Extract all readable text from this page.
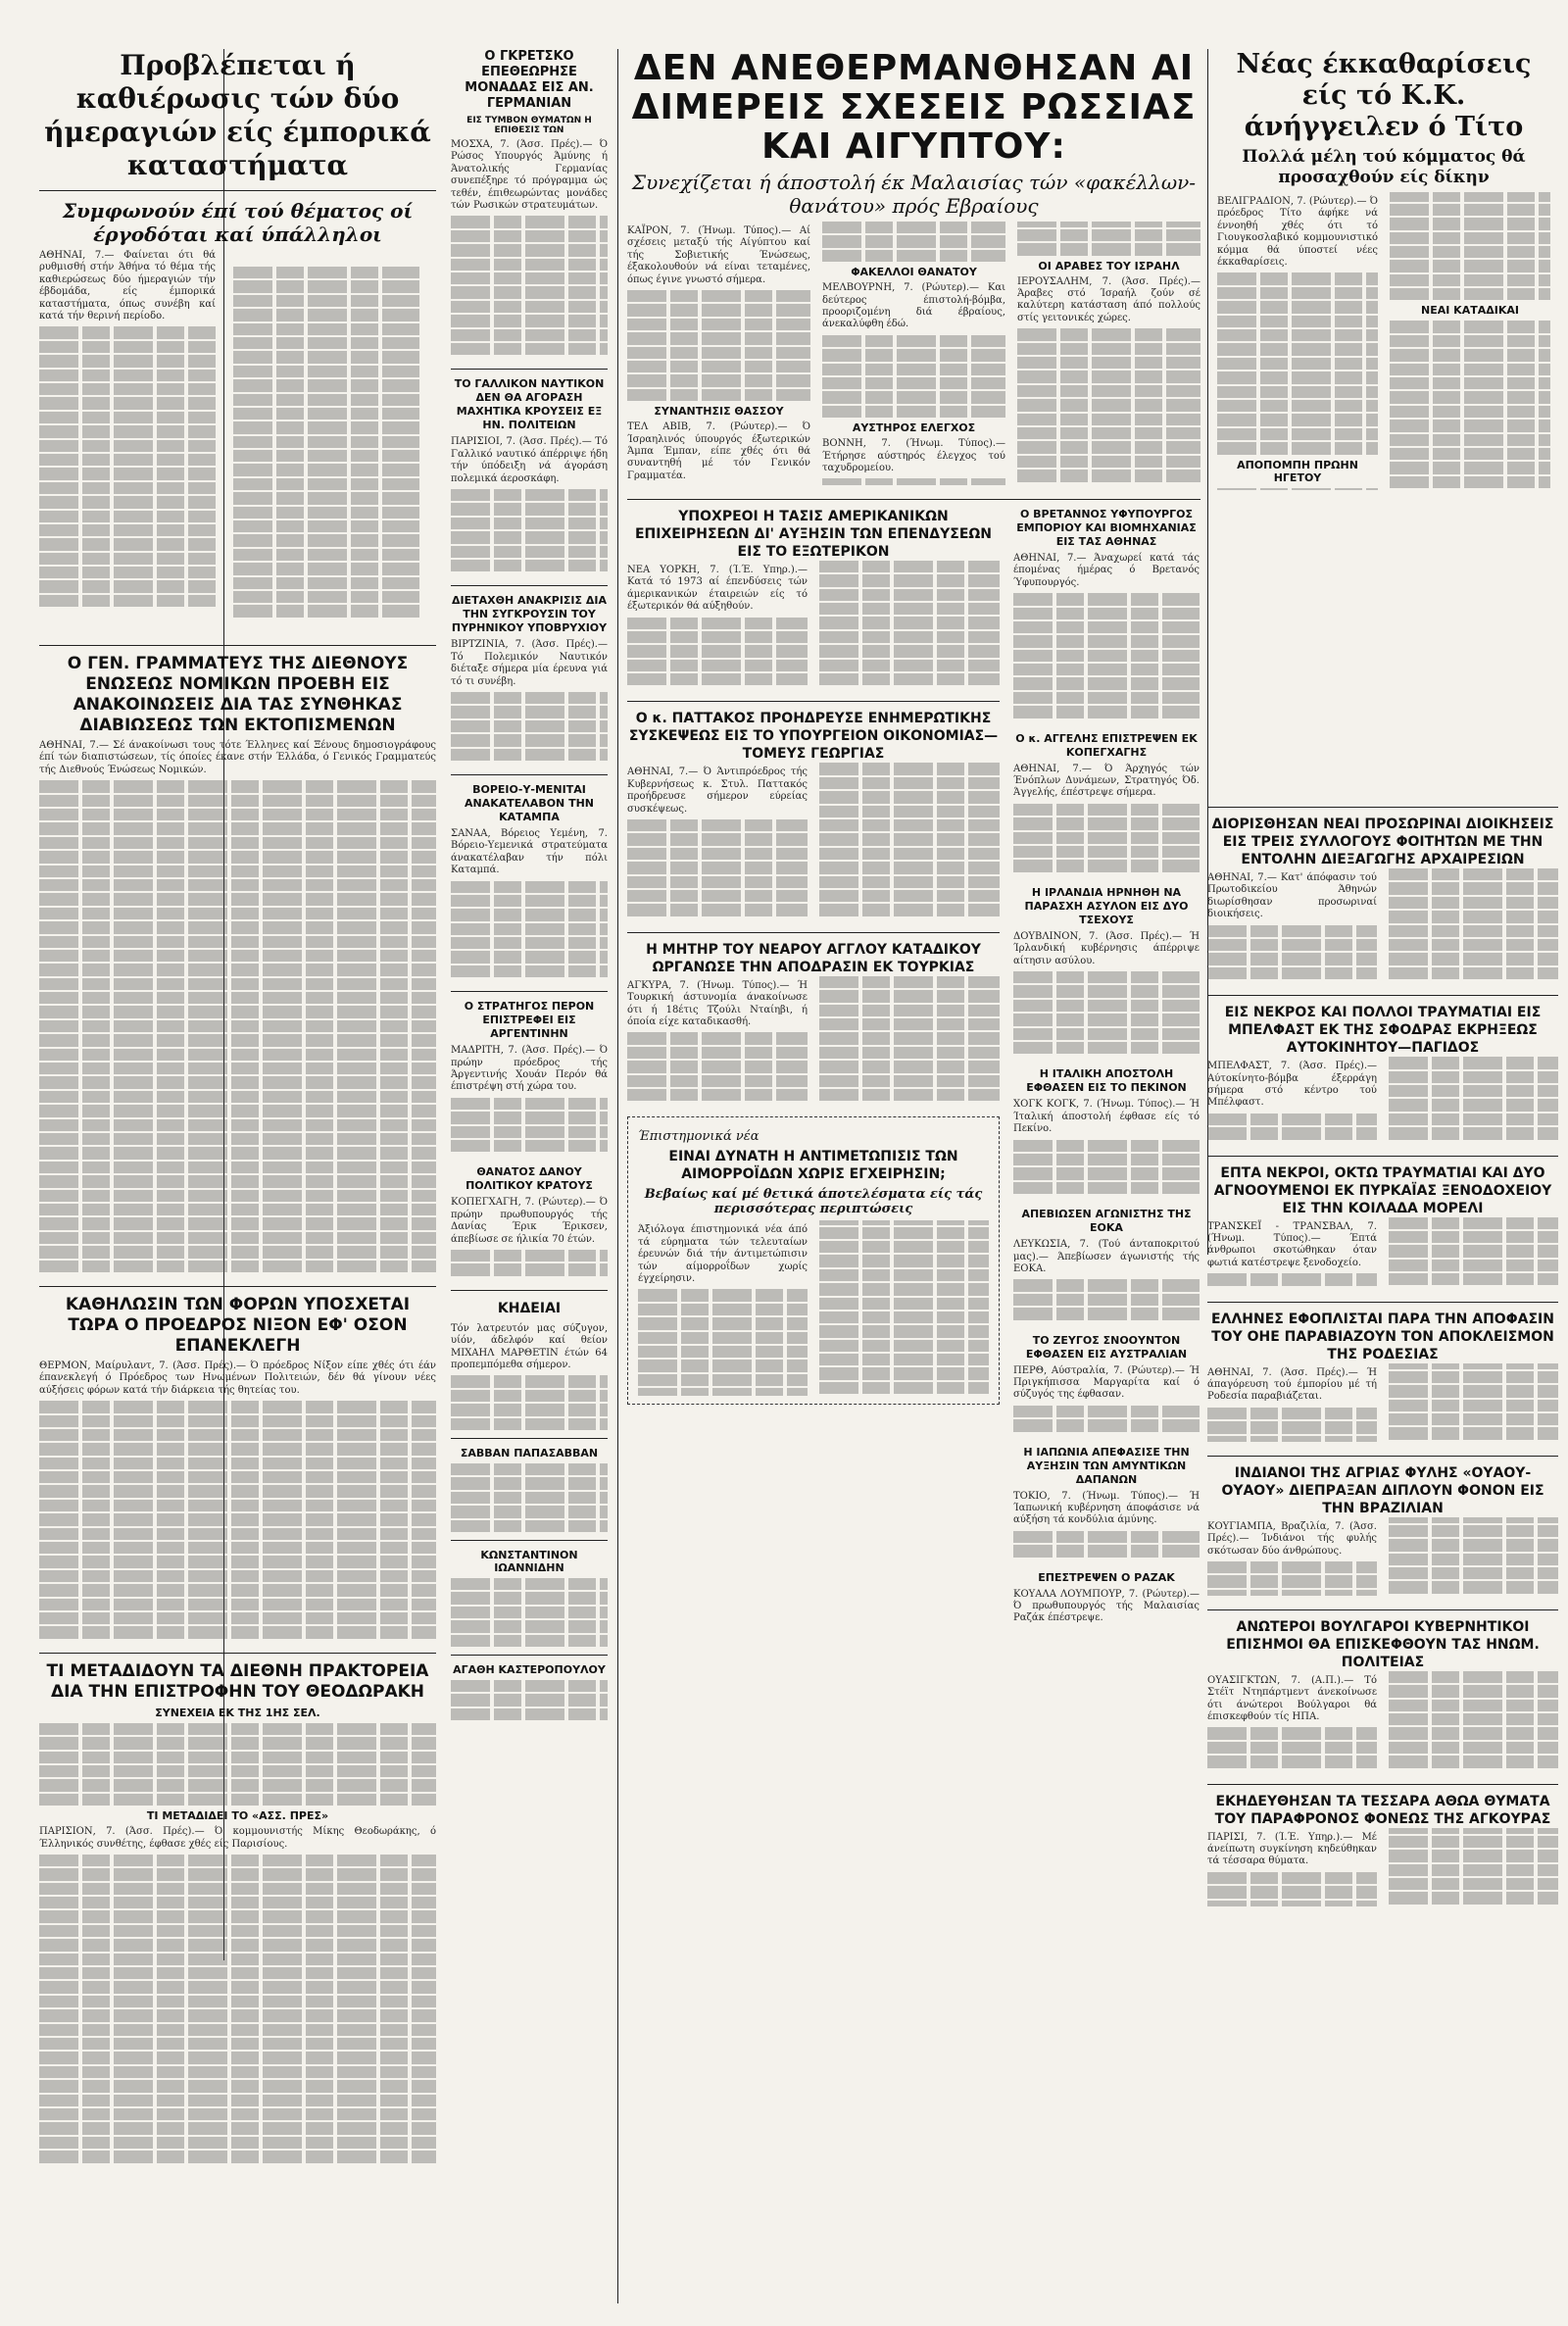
Προβλέπεται ή καθιέρωσις τών δύο ήμεραγιών είς έμπορικά καταστήματα
Συμφωνούν έπί τού θέματος οί έργοδόται καί ύπάλληλοι
ΑΘΗΝΑΙ, 7.— Φαίνεται ότι θά ρυθμισθή στήν Άθήνα τό θέμα τής καθιερώσεως δύο ήμεραγιών τήν έβδομάδα, είς έμπορικά καταστήματα, όπως συνέβη καί κατά τήν θερινή περίοδο.
Ο ΓΕΝ. ΓΡΑΜΜΑΤΕΥΣ ΤΗΣ ΔΙΕΘΝΟΥΣ ΕΝΩΣΕΩΣ ΝΟΜΙΚΩΝ ΠΡΟΕΒΗ ΕΙΣ ΑΝΑΚΟΙΝΩΣΕΙΣ ΔΙΑ ΤΑΣ ΣΥΝΘΗΚΑΣ ΔΙΑΒΙΩΣΕΩΣ ΤΩΝ ΕΚΤΟΠΙΣΜΕΝΩΝ
ΑΘΗΝΑΙ, 7.— Σέ άνακοίνωσι τους τότε Έλληνες καί Ξένους δημοσιογράφους έπί τών διαπιστώσεων, τίς όποίες έκανε στήν Έλλάδα, ό Γενικός Γραμματεύς τής Διεθνούς Ένώσεως Νομικών.
ΚΑΘΗΛΩΣΙΝ ΤΩΝ ΦΟΡΩΝ ΥΠΟΣΧΕΤΑΙ ΤΩΡΑ Ο ΠΡΟΕΔΡΟΣ ΝΙΞΟΝ ΕΦ' ΟΣΟΝ ΕΠΑΝΕΚΛΕΓΗ
ΘΕΡΜΟΝ, Μαίρυλαντ, 7. (Άσσ. Πρές).— Ό πρόεδρος Νίξον είπε χθές ότι έάν έπανεκλεγή ό Πρόεδρος των Ηνωμένων Πολιτειών, δέν θά γίνουν νέες αύξήσεις φόρων κατά τήν διάρκεια τής θητείας του.
ΤΙ ΜΕΤΑΔΙΔΟΥΝ ΤΑ ΔΙΕΘΝΗ ΠΡΑΚΤΟΡΕΙΑ ΔΙΑ ΤΗΝ ΕΠΙΣΤΡΟΦΗΝ ΤΟΥ ΘΕΟΔΩΡΑΚΗ
ΣΥΝΕΧΕΙΑ ΕΚ ΤΗΣ 1ΗΣ ΣΕΛ.
ΤΙ ΜΕΤΑΔΙΔΕΙ ΤΟ «ΑΣΣ. ΠΡΕΣ»
ΠΑΡΙΣΙΟΝ, 7. (Άσσ. Πρές).— Ό κομμουνιστής Μίκης Θεοδωράκης, ό Έλληνικός συνθέτης, έφθασε χθές είς Παρισίους.
Ο ΓΚΡΕΤΣΚΟ ΕΠΕΘΕΩΡΗΣΕ ΜΟΝΑΔΑΣ ΕΙΣ ΑΝ. ΓΕΡΜΑΝΙΑΝ
ΕΙΣ ΤΥΜΒΟΝ ΘΥΜΑΤΩΝ Η ΕΠΙΘΕΣΙΣ ΤΩΝ
ΜΟΣΧΑ, 7. (Άσσ. Πρές).— Ό Ρώσος Υπουργός Άμύνης ή Άνατολικής Γερμανίας συνεπέξηρε τό πρόγραμμα ώς τεθέν, έπιθεωρώντας μονάδες τών Ρωσικών στρατευμάτων.
ΤΟ ΓΑΛΛΙΚΟΝ ΝΑΥΤΙΚΟΝ ΔΕΝ ΘΑ ΑΓΟΡΑΣΗ ΜΑΧΗΤΙΚΑ ΚΡΟΥΣΕΙΣ ΕΞ ΗΝ. ΠΟΛΙΤΕΙΩΝ
ΠΑΡΙΣΙΟΙ, 7. (Άσσ. Πρές).— Τό Γαλλικό ναυτικό άπέρριψε ήδη τήν ύπόδειξη νά άγοράση πολεμικά άεροσκάφη.
ΔΙΕΤΑΧΘΗ ΑΝΑΚΡΙΣΙΣ ΔΙΑ ΤΗΝ ΣΥΓΚΡΟΥΣΙΝ ΤΟΥ ΠΥΡΗΝΙΚΟΥ ΥΠΟΒΡΥΧΙΟΥ
ΒΙΡΤΖΙΝΙΑ, 7. (Άσσ. Πρές).— Τό Πολεμικόν Ναυτικόν διέταξε σήμερα μία έρευνα γιά τό τι συνέβη.
ΒΟΡΕΙΟ-Υ-ΜΕΝΙΤΑΙ ΑΝΑΚΑΤΕΛΑΒΟΝ ΤΗΝ ΚΑΤΑΜΠΑ
ΣΑΝΑΑ, Βόρειος Υεμένη, 7. Βόρειο-Υεμενικά στρατεύματα άνακατέλαβαν τήν πόλι Καταμπά.
Ο ΣΤΡΑΤΗΓΟΣ ΠΕΡΟΝ ΕΠΙΣΤΡΕΦΕΙ ΕΙΣ ΑΡΓΕΝΤΙΝΗΝ
ΜΑΔΡΙΤΗ, 7. (Άσσ. Πρές).— Ό πρώην πρόεδρος τής Άργεντινής Χουάν Περόν θά έπιστρέψη στή χώρα του.
ΘΑΝΑΤΟΣ ΔΑΝΟΥ ΠΟΛΙΤΙΚΟΥ ΚΡΑΤΟΥΣ
ΚΟΠΕΓΧΑΓΗ, 7. (Ρώυτερ).— Ό πρώην πρωθυπουργός τής Δανίας Έρικ Έρικσεν, άπεβίωσε σε ήλικία 70 έτών.
ΚΗΔΕΙΑΙ
Τόν λατρευτόν μας σύζυγον, υίόν, άδελφόν καί θείον ΜΙΧΑΗΛ ΜΑΡΘΕΤΙΝ έτών 64 προπεμπόμεθα σήμερον.
ΣΑΒΒΑΝ ΠΑΠΑΣΑΒΒΑΝ
ΚΩΝΣΤΑΝΤΙΝΟΝ ΙΩΑΝΝΙΔΗΝ
ΑΓΑΘΗ ΚΑΣΤΕΡΟΠΟΥΛΟΥ
ΔΕΝ ΑΝΕΘΕΡΜΑΝΘΗΣΑΝ ΑΙ ΔΙΜΕΡΕΙΣ ΣΧΕΣΕΙΣ ΡΩΣΣΙΑΣ ΚΑΙ ΑΙΓΥΠΤΟΥ:
Συνεχίζεται ή άποστολή έκ Μαλαισίας τών «φακέλλων-θανάτου» πρός Εβραίους
ΚΑΪΡΟΝ, 7. (Ήνωμ. Τύπος).— Αί σχέσεις μεταξύ τής Αίγύπτου καί τής Σοβιετικής Ένώσεως, έξακολουθούν νά είναι τεταμένες, όπως έγινε γνωστό σήμερα.
ΣΥΝΑΝΤΗΣΙΣ ΘΑΣΣΟΥ
ΤΕΛ ΑΒΙΒ, 7. (Ρώυτερ).— Ό Ίσραηλινός ύπουργός έξωτερικών Άμπα Έμπαν, είπε χθές ότι θά συναντηθή μέ τόν Γενικόν Γραμματέα.
ΦΑΚΕΛΛΟΙ ΘΑΝΑΤΟΥ
ΜΕΛΒΟΥΡΝΗ, 7. (Ρώυτερ).— Και δεύτερος έπιστολή-βόμβα, προοριζομένη διά έβραίους, άνεκαλύφθη έδώ.
ΑΥΣΤΗΡΟΣ ΕΛΕΓΧΟΣ
ΒΟΝΝΗ, 7. (Ήνωμ. Τύπος).— Έτήρησε αύστηρός έλεγχος τού ταχυδρομείου.
ΟΙ ΑΡΑΒΕΣ ΤΟΥ ΙΣΡΑΗΛ
ΙΕΡΟΥΣΑΛΗΜ, 7. (Άσσ. Πρές).— Άραβες στό Ίσραήλ ζούν σέ καλύτερη κατάσταση άπό πολλούς στίς γειτονικές χώρες.
ΥΠΟΧΡΕΟΙ Η ΤΑΣΙΣ ΑΜΕΡΙΚΑΝΙΚΩΝ ΕΠΙΧΕΙΡΗΣΕΩΝ ΔΙ' ΑΥΞΗΣΙΝ ΤΩΝ ΕΠΕΝΔΥΣΕΩΝ ΕΙΣ ΤΟ ΕΞΩΤΕΡΙΚΟΝ
ΝΕΑ ΥΟΡΚΗ, 7. (Ί.Έ. Υπηρ.).— Κατά τό 1973 αί έπενδύσεις τών άμερικανικών έταιρειών είς τό έξωτερικόν θά αύξηθούν.
Ο κ. ΠΑΤΤΑΚΟΣ ΠΡΟΗΔΡΕΥΣΕ ΕΝΗΜΕΡΩΤΙΚΗΣ ΣΥΣΚΕΨΕΩΣ ΕΙΣ ΤΟ ΥΠΟΥΡΓΕΙΟΝ ΟΙΚΟΝΟΜΙΑΣ—ΤΟΜΕΥΣ ΓΕΩΡΓΙΑΣ
ΑΘΗΝΑΙ, 7.— Ό Άντιπρόεδρος τής Κυβερνήσεως κ. Στυλ. Παττακός προήδρευσε σήμερον εύρείας συσκέψεως.
Η ΜΗΤΗΡ ΤΟΥ ΝΕΑΡΟΥ ΑΓΓΛΟΥ ΚΑΤΑΔΙΚΟΥ ΩΡΓΑΝΩΣΕ ΤΗΝ ΑΠΟΔΡΑΣΙΝ ΕΚ ΤΟΥΡΚΙΑΣ
ΑΓΚΥΡΑ, 7. (Ήνωμ. Τύπος).— Ή Τουρκική άστυνομία άνακοίνωσε ότι ή 18έτις Τζούλι Νταίηβι, ή όποία είχε καταδικασθή.
Έπιστημονικά νέα
ΕΙΝΑΙ ΔΥΝΑΤΗ Η ΑΝΤΙΜΕΤΩΠΙΣΙΣ ΤΩΝ ΑΙΜΟΡΡΟΪΔΩΝ ΧΩΡΙΣ ΕΓΧΕΙΡΗΣΙΝ;
Βεβαίως καί μέ θετικά άποτελέσματα είς τάς περισσότερας περιπτώσεις
Άξιόλογα έπιστημονικά νέα άπό τά εύρηματα τών τελευταίων έρευνών διά τήν άντιμετώπισιν τών αίμορροΐδων χωρίς έγχείρησιν.
Ο ΒΡΕΤΑΝΝΟΣ ΥΦΥΠΟΥΡΓΟΣ ΕΜΠΟΡΙΟΥ ΚΑΙ ΒΙΟΜΗΧΑΝΙΑΣ ΕΙΣ ΤΑΣ ΑΘΗΝΑΣ
ΑΘΗΝΑΙ, 7.— Άναχωρεί κατά τάς έπομένας ήμέρας ό Βρετανός Ύφυπουργός.
Ο κ. ΑΓΓΕΛΗΣ ΕΠΙΣΤΡΕΨΕΝ ΕΚ ΚΟΠΕΓΧΑΓΗΣ
ΑΘΗΝΑΙ, 7.— Ό Άρχηγός τών Ένόπλων Δυνάμεων, Στρατηγός Όδ. Άγγελής, έπέστρεψε σήμερα.
Η ΙΡΛΑΝΔΙΑ ΗΡΝΗΘΗ ΝΑ ΠΑΡΑΣΧΗ ΑΣΥΛΟΝ ΕΙΣ ΔΥΟ ΤΣΕΧΟΥΣ
ΔΟΥΒΛΙΝΟΝ, 7. (Άσσ. Πρές).— Ή Ίρλανδική κυβέρνησις άπέρριψε αίτησιν ασύλου.
Η ΙΤΑΛΙΚΗ ΑΠΟΣΤΟΛΗ ΕΦΘΑΣΕΝ ΕΙΣ ΤΟ ΠΕΚΙΝΟΝ
ΧΟΓΚ ΚΟΓΚ, 7. (Ήνωμ. Τύπος).— Ή Ίταλική άποστολή έφθασε είς τό Πεκίνο.
ΑΠΕΒΙΩΣΕΝ ΑΓΩΝΙΣΤΗΣ ΤΗΣ ΕΟΚΑ
ΛΕΥΚΩΣΙΑ, 7. (Τού άνταποκριτού μας).— Άπεβίωσεν άγωνιστής τής ΕΟΚΑ.
ΤΟ ΖΕΥΓΟΣ ΣΝΟΟΥΝΤΟΝ ΕΦΘΑΣΕΝ ΕΙΣ ΑΥΣΤΡΑΛΙΑΝ
ΠΕΡΘ, Αύστραλία, 7. (Ρώυτερ).— Ή Πριγκήπισσα Μαργαρίτα καί ό σύζυγός της έφθασαν.
Η ΙΑΠΩΝΙΑ ΑΠΕΦΑΣΙΣΕ ΤΗΝ ΑΥΞΗΣΙΝ ΤΩΝ ΑΜΥΝΤΙΚΩΝ ΔΑΠΑΝΩΝ
ΤΟΚΙΟ, 7. (Ήνωμ. Τύπος).— Ή Ίαπωνική κυβέρνηση άποφάσισε νά αύξήση τά κονδύλια άμύνης.
ΕΠΕΣΤΡΕΨΕΝ Ο ΡΑΖΑΚ
ΚΟΥΑΛΑ ΛΟΥΜΠΟΥΡ, 7. (Ρώυτερ).— Ό πρωθυπουργός τής Μαλαισίας Ραζάκ έπέστρεψε.
Νέας έκκαθαρίσεις είς τό Κ.Κ. άνήγγειλεν ό Τίτο
Πολλά μέλη τού κόμματος θά προσαχθούν είς δίκην
ΒΕΛΙΓΡΑΔΙΟΝ, 7. (Ρώυτερ).— Ό πρόεδρος Τίτο άφήκε νά έννοηθή χθές ότι τό Γιουγκοσλαβικό κομμουνιστικό κόμμα θά ύποστεί νέες έκκαθαρίσεις.
ΑΠΟΠΟΜΠΗ ΠΡΩΗΝ ΗΓΕΤΟΥ
ΝΕΑΙ ΚΑΤΑΔΙΚΑΙ
ΔΙΟΡΙΣΘΗΣΑΝ ΝΕΑΙ ΠΡΟΣΩΡΙΝΑΙ ΔΙΟΙΚΗΣΕΙΣ ΕΙΣ ΤΡΕΙΣ ΣΥΛΛΟΓΟΥΣ ΦΟΙΤΗΤΩΝ ΜΕ ΤΗΝ ΕΝΤΟΛΗΝ ΔΙΕΞΑΓΩΓΗΣ ΑΡΧΑΙΡΕΣΙΩΝ
ΑΘΗΝΑΙ, 7.— Κατ' άπόφασιν τού Πρωτοδικείου Άθηνών διωρίσθησαν προσωριναί διοικήσεις.
ΕΙΣ ΝΕΚΡΟΣ ΚΑΙ ΠΟΛΛΟΙ ΤΡΑΥΜΑΤΙΑΙ ΕΙΣ ΜΠΕΛΦΑΣΤ ΕΚ ΤΗΣ ΣΦΟΔΡΑΣ ΕΚΡΗΞΕΩΣ ΑΥΤΟΚΙΝΗΤΟΥ—ΠΑΓΙΔΟΣ
ΜΠΕΛΦΑΣΤ, 7. (Άσσ. Πρές).— Αύτοκίνητο-βόμβα έξερράγη σήμερα στό κέντρο τού Μπέλφαστ.
ΕΠΤΑ ΝΕΚΡΟΙ, ΟΚΤΩ ΤΡΑΥΜΑΤΙΑΙ ΚΑΙ ΔΥΟ ΑΓΝΟΟΥΜΕΝΟΙ ΕΚ ΠΥΡΚΑΪΑΣ ΞΕΝΟΔΟΧΕΙΟΥ ΕΙΣ ΤΗΝ ΚΟΙΛΑΔΑ ΜΟΡΕΛΙ
ΤΡΑΝΣΚΕΪ - ΤΡΑΝΣΒΑΛ, 7. (Ήνωμ. Τύπος).— Έπτά άνθρωποι σκοτώθηκαν όταν φωτιά κατέστρεψε ξενοδοχείο.
ΕΛΛΗΝΕΣ ΕΦΟΠΛΙΣΤΑΙ ΠΑΡΑ ΤΗΝ ΑΠΟΦΑΣΙΝ ΤΟΥ ΟΗΕ ΠΑΡΑΒΙΑΖΟΥΝ ΤΟΝ ΑΠΟΚΛΕΙΣΜΟΝ ΤΗΣ ΡΟΔΕΣΙΑΣ
ΑΘΗΝΑΙ, 7. (Άσσ. Πρές).— Ή άπαγόρευση τού έμπορίου μέ τή Ροδεσία παραβιάζεται.
ΙΝΔΙΑΝΟΙ ΤΗΣ ΑΓΡΙΑΣ ΦΥΛΗΣ «ΟΥΑΟΥ-ΟΥΑΟΥ» ΔΙΕΠΡΑΞΑΝ ΔΙΠΛΟΥΝ ΦΟΝΟΝ ΕΙΣ ΤΗΝ ΒΡΑΖΙΛΙΑΝ
ΚΟΥΓΙΑΜΠΑ, Βραζιλία, 7. (Άσσ. Πρές).— Ίνδιάνοι τής φυλής σκότωσαν δύο άνθρώπους.
ΑΝΩΤΕΡΟΙ ΒΟΥΛΓΑΡΟΙ ΚΥΒΕΡΝΗΤΙΚΟΙ ΕΠΙΣΗΜΟΙ ΘΑ ΕΠΙΣΚΕΦΘΟΥΝ ΤΑΣ ΗΝΩΜ. ΠΟΛΙΤΕΙΑΣ
ΟΥΑΣΙΓΚΤΩΝ, 7. (Α.Π.).— Τό Στέϊτ Ντηπάρτμεντ άνεκοίνωσε ότι άνώτεροι Βούλγαροι θά έπισκεφθούν τίς ΗΠΑ.
ΕΚΗΔΕΥΘΗΣΑΝ ΤΑ ΤΕΣΣΑΡΑ ΑΘΩΑ ΘΥΜΑΤΑ ΤΟΥ ΠΑΡΑΦΡΟΝΟΣ ΦΟΝΕΩΣ ΤΗΣ ΑΓΚΟΥΡΑΣ
ΠΑΡΙΣΙ, 7. (Ί.Έ. Υπηρ.).— Μέ άνείπωτη συγκίνηση κηδεύθηκαν τά τέσσαρα θύματα.
